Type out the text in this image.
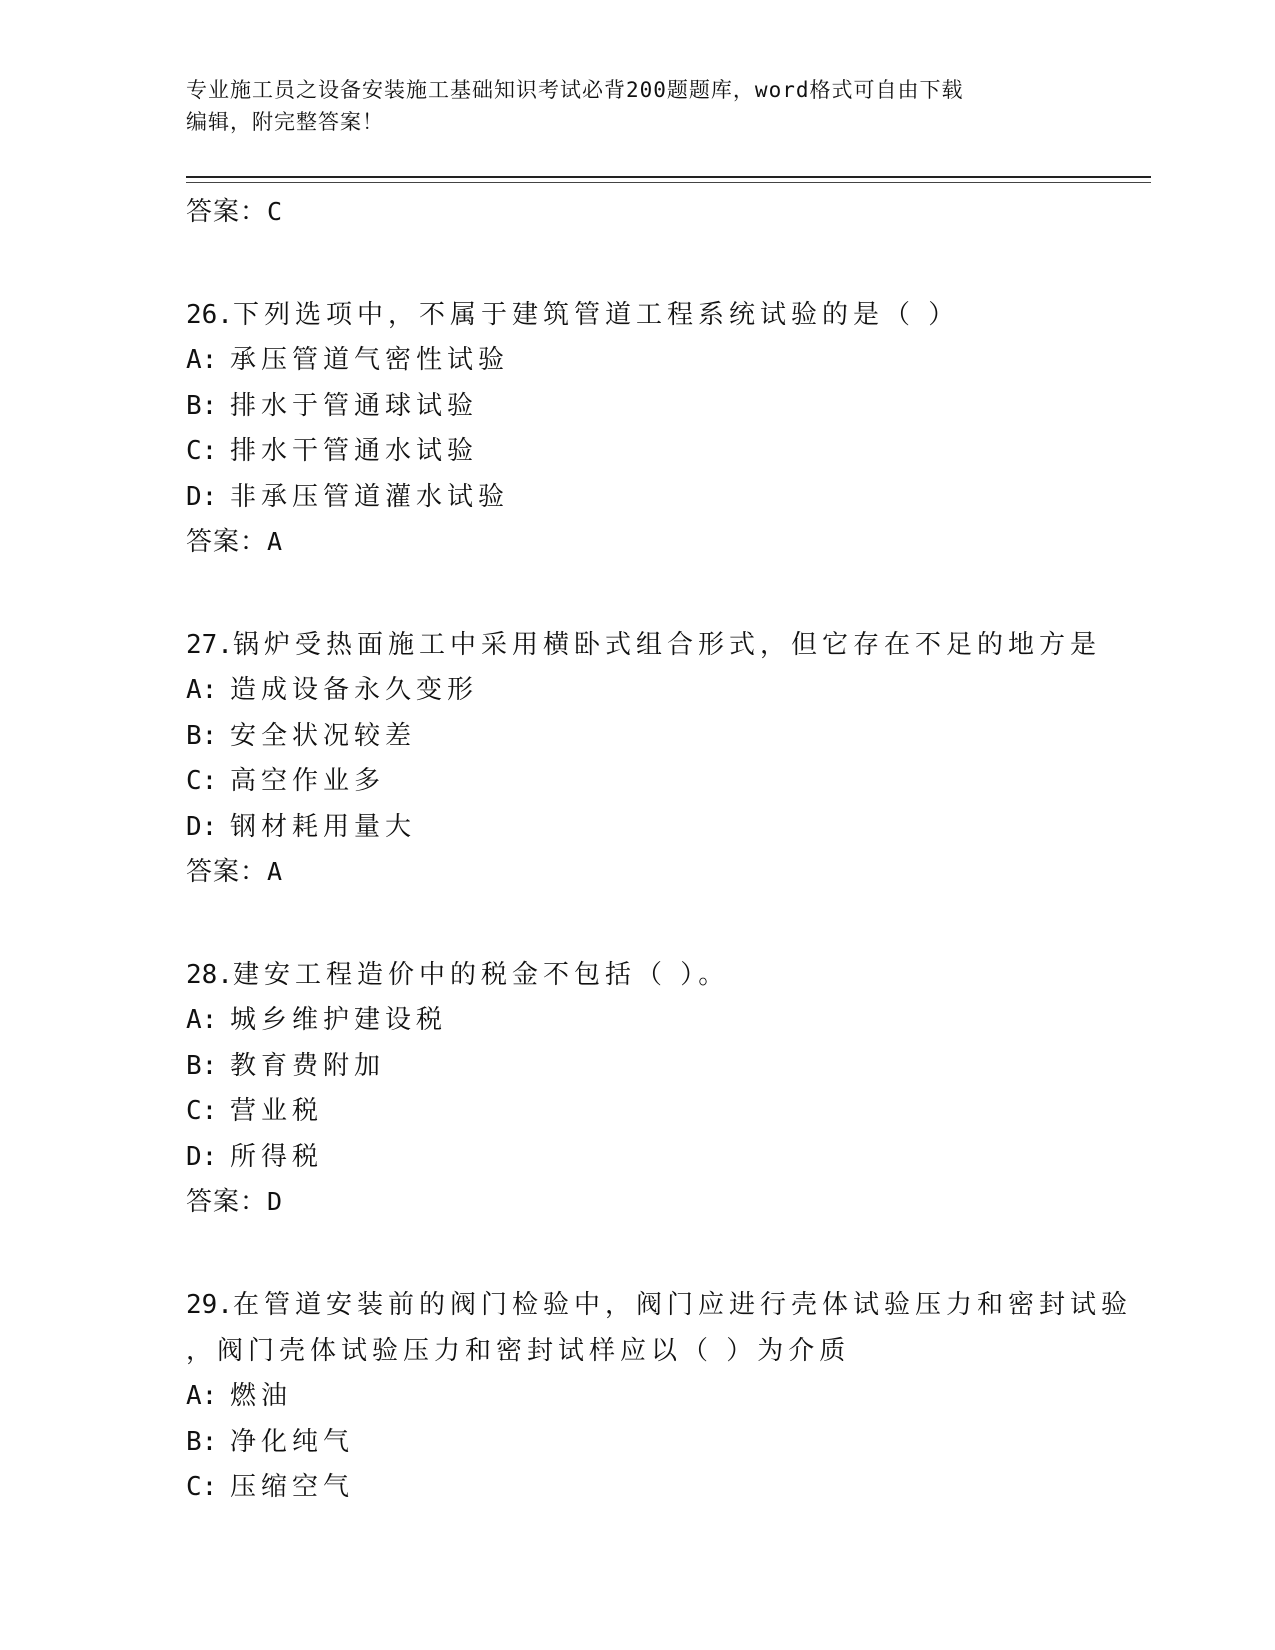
专业施工员之设备安装施工基础知识考试必背200题题库，word格式可自由下载
编辑，附完整答案！
答案：C
26.下列选项中，不属于建筑管道工程系统试验的是（ ）
A: 承压管道气密性试验
B: 排水于管通球试验
C: 排水干管通水试验
D: 非承压管道灌水试验
答案：A
27.锅炉受热面施工中采用横卧式组合形式，但它存在不足的地方是
A: 造成设备永久变形
B: 安全状况较差
C: 高空作业多
D: 钢材耗用量大
答案：A
28.建安工程造价中的税金不包括（ ）。
A: 城乡维护建设税
B: 教育费附加
C: 营业税
D: 所得税
答案：D
29.在管道安装前的阀门检验中，阀门应进行壳体试验压力和密封试验
，阀门壳体试验压力和密封试样应以（ ）为介质
A: 燃油
B: 净化纯气
C: 压缩空气
